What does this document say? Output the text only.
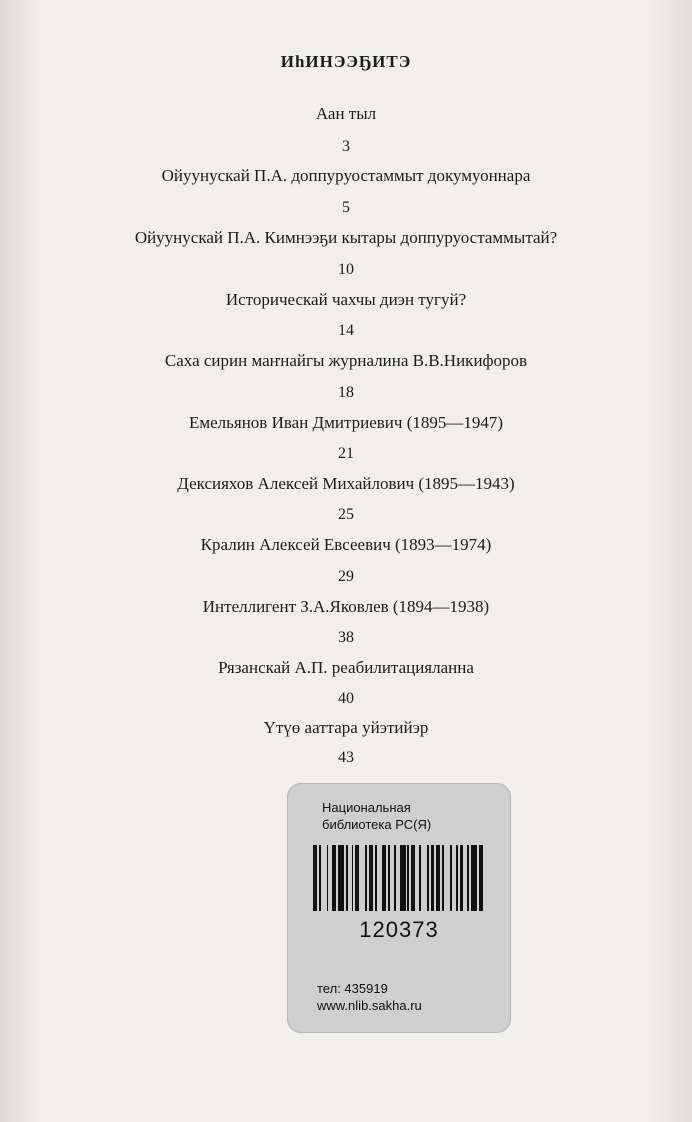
ИһИНЭЭҔИТЭ
Аан тыл
3
Ойуунускай П.А. доппуруостаммыт докумуоннара
5
Ойуунускай П.А. Кимнээҕи кытары доппуруостаммытай?
10
Историческай чахчы диэн тугуй?
14
Саха сирин маҥнайгы журналина В.В.Никифоров
18
Емельянов Иван Дмитриевич (1895—1947)
21
Дексияхов Алексей Михайлович (1895—1943)
25
Кралин Алексей Евсеевич (1893—1974)
29
Интеллигент З.А.Яковлев (1894—1938)
38
Рязанскай А.П. реабилитацияланна
40
Үтүө ааттара уйэтийэр
43
Национальная
библиотека РС(Я)
120373
тел: 435919
www.nlib.sakha.ru
